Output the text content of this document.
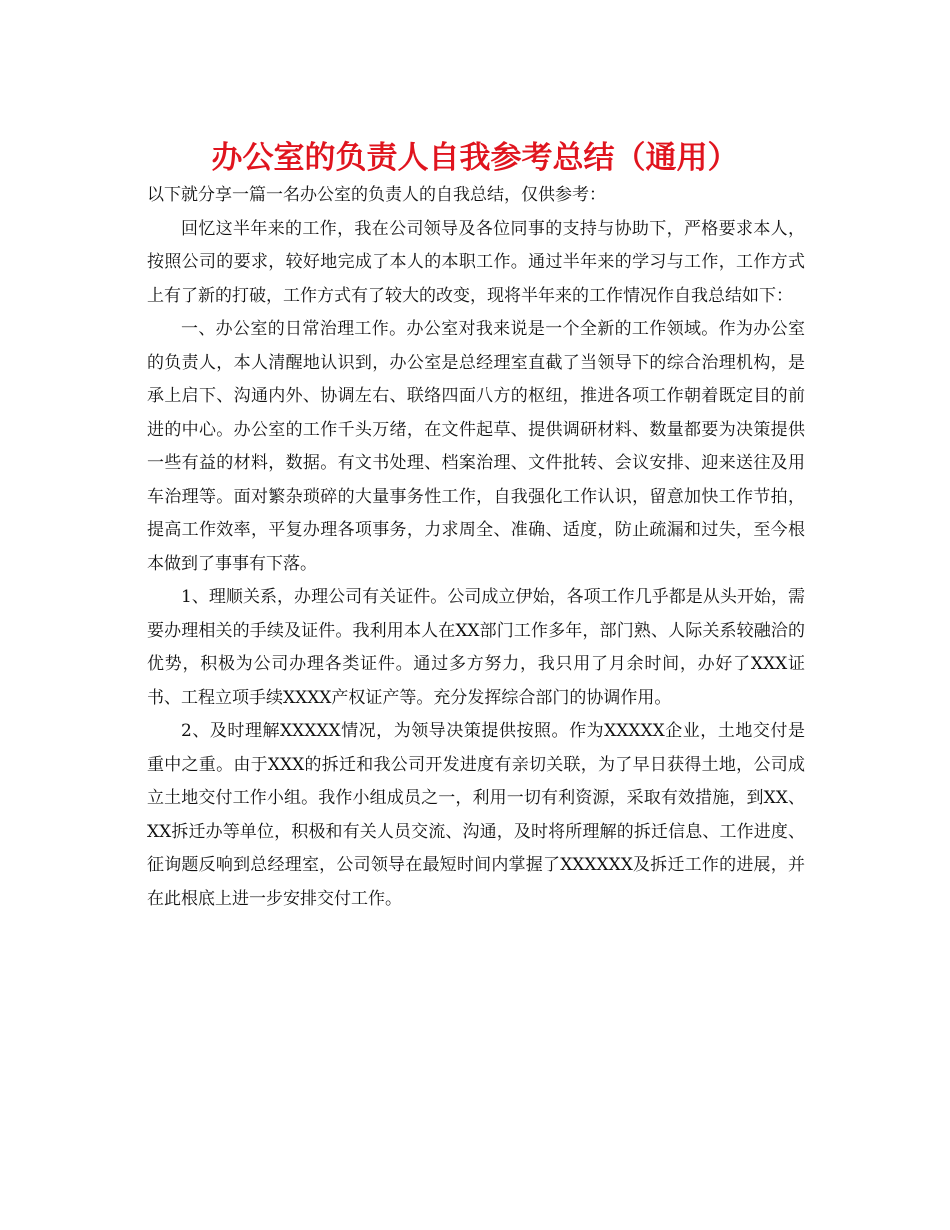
办公室的负责人自我参考总结（通用）

以下就分享一篇一名办公室的负责人的自我总结，仅供参考：

回忆这半年来的工作，我在公司领导及各位同事的支持与协助下，严格要求本人，按照公司的要求，较好地完成了本人的本职工作。通过半年来的学习与工作，工作方式上有了新的打破，工作方式有了较大的改变，现将半年来的工作情况作自我总结如下：

一、办公室的日常治理工作。办公室对我来说是一个全新的工作领域。作为办公室的负责人，本人清醒地认识到，办公室是总经理室直截了当领导下的综合治理机构，是承上启下、沟通内外、协调左右、联络四面八方的枢纽，推进各项工作朝着既定目的前进的中心。办公室的工作千头万绪，在文件起草、提供调研材料、数量都要为决策提供一些有益的材料，数据。有文书处理、档案治理、文件批转、会议安排、迎来送往及用车治理等。面对繁杂琐碎的大量事务性工作，自我强化工作认识，留意加快工作节拍，提高工作效率，平复办理各项事务，力求周全、准确、适度，防止疏漏和过失，至今根本做到了事事有下落。

1、理顺关系，办理公司有关证件。公司成立伊始，各项工作几乎都是从头开始，需要办理相关的手续及证件。我利用本人在XX部门工作多年，部门熟、人际关系较融洽的优势，积极为公司办理各类证件。通过多方努力，我只用了月余时间，办好了XXX证书、工程立项手续XXXX产权证产等。充分发挥综合部门的协调作用。

2、及时理解XXXXX情况，为领导决策提供按照。作为XXXXX企业，土地交付是重中之重。由于XXX的拆迁和我公司开发进度有亲切关联，为了早日获得土地，公司成立土地交付工作小组。我作小组成员之一，利用一切有利资源，采取有效措施，到XX、XX拆迁办等单位，积极和有关人员交流、沟通，及时将所理解的拆迁信息、工作进度、征询题反响到总经理室，公司领导在最短时间内掌握了XXXXXX及拆迁工作的进展，并在此根底上进一步安排交付工作。
